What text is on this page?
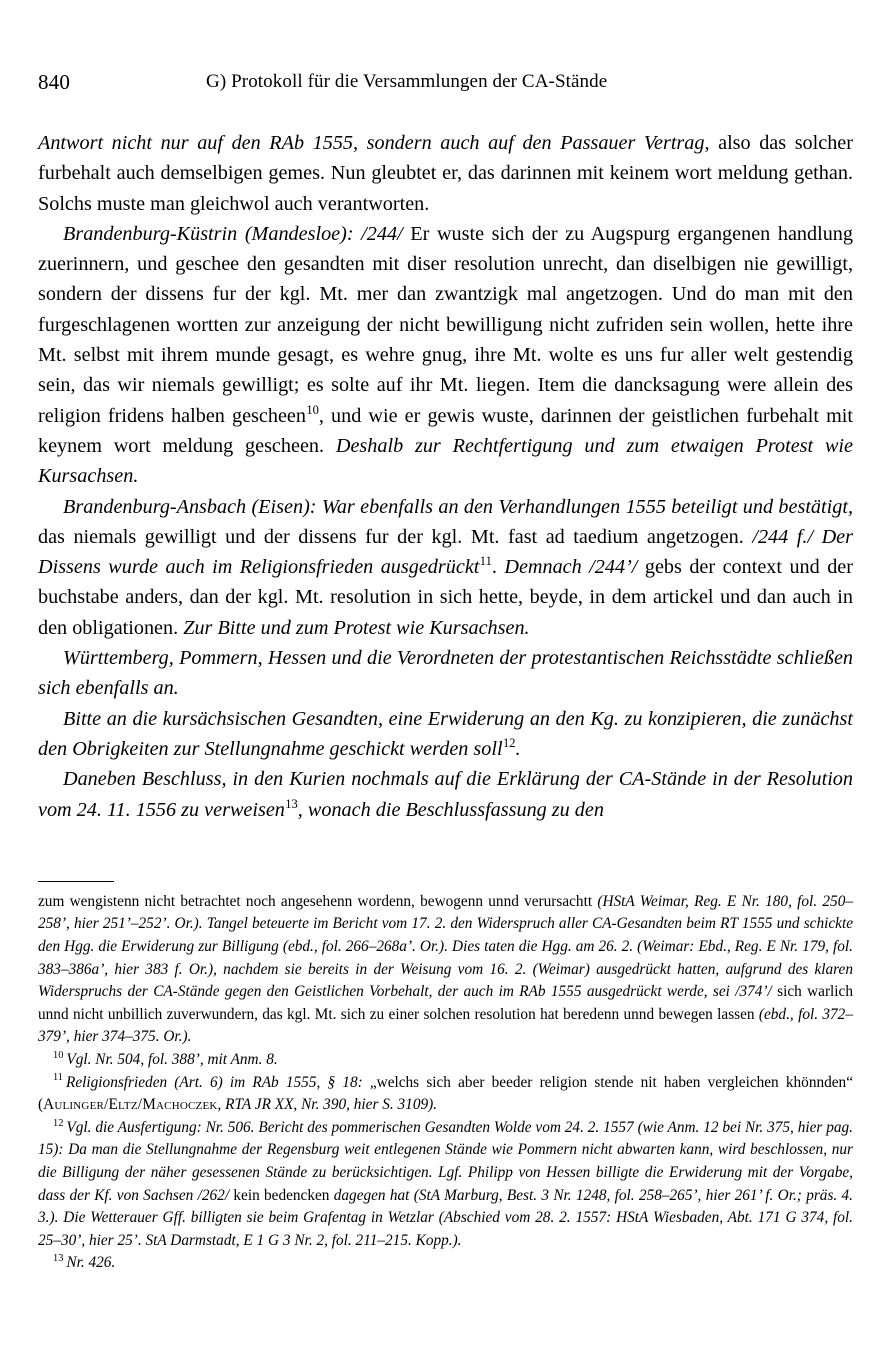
840	G) Protokoll für die Versammlungen der CA-Stände

Antwort nicht nur auf den RAb 1555, sondern auch auf den Passauer Vertrag, also das solcher furbehalt auch demselbigen gemes. Nun gleubtet er, das darinnen mit keinem wort meldung gethan. Solchs muste man gleichwol auch verantworten.

Brandenburg-Küstrin (Mandesloe): /244/ Er wuste sich der zu Augspurg ergangenen handlung zuerinnern, und geschee den gesandten mit diser resolution unrecht, dan diselbigen nie gewilligt, sondern der dissens fur der kgl. Mt. mer dan zwantzigk mal angetzogen. Und do man mit den furgeschlagenen wortten zur anzeigung der nicht bewilligung nicht zufriden sein wollen, hette ihre Mt. selbst mit ihrem munde gesagt, es wehre gnug, ihre Mt. wolte es uns fur aller welt gestendig sein, das wir niemals gewilligt; es solte auf ihr Mt. liegen. Item die dancksagung were allein des religion fridens halben gescheen$^{10}$, und wie er gewis wuste, darinnen der geistlichen furbehalt mit keynem wort meldung gescheen. Deshalb zur Rechtfertigung und zum etwaigen Protest wie Kursachsen.

Brandenburg-Ansbach (Eisen): War ebenfalls an den Verhandlungen 1555 beteiligt und bestätigt, das niemals gewilligt und der dissens fur der kgl. Mt. fast ad taedium angetzogen. /244 f./ Der Dissens wurde auch im Religionsfrieden ausgedrückt$^{11}$. Demnach /244’/ gebs der context und der buchstabe anders, dan der kgl. Mt. resolution in sich hette, beyde, in dem artickel und dan auch in den obligationen. Zur Bitte und zum Protest wie Kursachsen.

Württemberg, Pommern, Hessen und die Verordneten der protestantischen Reichsstädte schließen sich ebenfalls an.

Bitte an die kursächsischen Gesandten, eine Erwiderung an den Kg. zu konzipieren, die zunächst den Obrigkeiten zur Stellungnahme geschickt werden soll$^{12}$.

Daneben Beschluss, in den Kurien nochmals auf die Erklärung der CA-Stände in der Resolution vom 24. 11. 1556 zu verweisen$^{13}$, wonach die Beschlussfassung zu den

zum wengistenn nicht betrachtet noch angesehenn wordenn, bewogenn unnd verursachtt (HStA Weimar, Reg. E Nr. 180, fol. 250–258’, hier 251’–252’. Or.). Tangel beteuerte im Bericht vom 17. 2. den Widerspruch aller CA-Gesandten beim RT 1555 und schickte den Hgg. die Erwiderung zur Billigung (ebd., fol. 266–268a’. Or.). Dies taten die Hgg. am 26. 2. (Weimar: Ebd., Reg. E Nr. 179, fol. 383–386a’, hier 383 f. Or.), nachdem sie bereits in der Weisung vom 16. 2. (Weimar) ausgedrückt hatten, aufgrund des klaren Widerspruchs der CA-Stände gegen den Geistlichen Vorbehalt, der auch im RAb 1555 ausgedrückt werde, sei /374’/ sich warlich unnd nicht unbillich zuverwundern, das kgl. Mt. sich zu einer solchen resolution hat beredenn unnd bewegen lassen (ebd., fol. 372–379’, hier 374–375. Or.).

$^{10}$ Vgl. Nr. 504, fol. 388’, mit Anm. 8.

$^{11}$ Religionsfrieden (Art. 6) im RAb 1555, § 18: „welchs sich aber beeder religion stende nit haben vergleichen khönnden“ (Aulinger/Eltz/Machoczek, RTA JR XX, Nr. 390, hier S. 3109).

$^{12}$ Vgl. die Ausfertigung: Nr. 506. Bericht des pommerischen Gesandten Wolde vom 24. 2. 1557 (wie Anm. 12 bei Nr. 375, hier pag. 15): Da man die Stellungnahme der Regensburg weit entlegenen Stände wie Pommern nicht abwarten kann, wird beschlossen, nur die Billigung der näher gesessenen Stände zu berücksichtigen. Lgf. Philipp von Hessen billigte die Erwiderung mit der Vorgabe, dass der Kf. von Sachsen /262/ kein bedencken dagegen hat (StA Marburg, Best. 3 Nr. 1248, fol. 258–265’, hier 261’ f. Or.; präs. 4. 3.). Die Wetterauer Gff. billigten sie beim Grafentag in Wetzlar (Abschied vom 28. 2. 1557: HStA Wiesbaden, Abt. 171 G 374, fol. 25–30’, hier 25’. StA Darmstadt, E 1 G 3 Nr. 2, fol. 211–215. Kopp.).

$^{13}$ Nr. 426.
